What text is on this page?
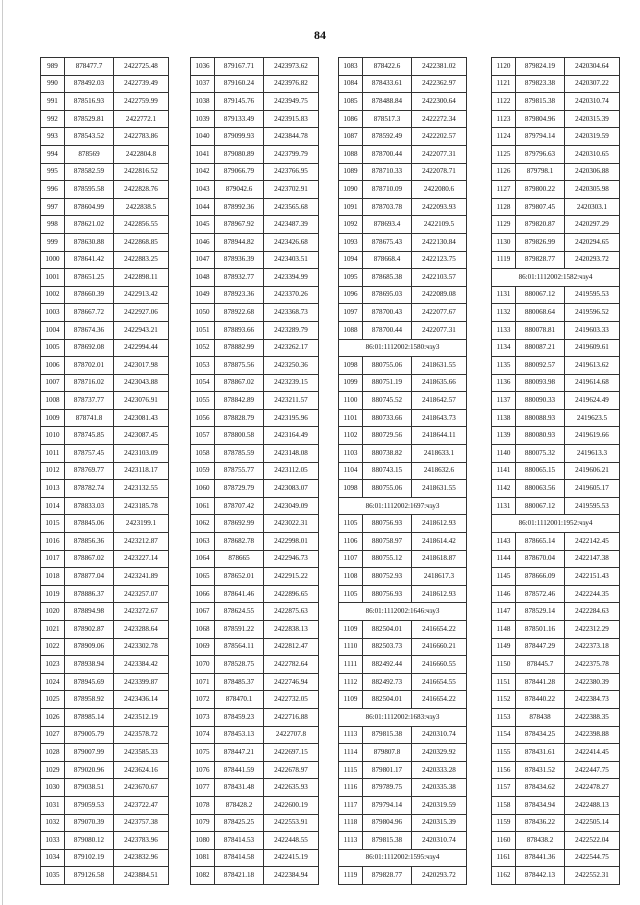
84
989	878477.7	2422725.48
990	878492.03	2422739.49
991	878516.93	2422759.99
992	878529.81	2422772.1
993	878543.52	2422783.86
994	878569	2422804.8
995	878582.59	2422816.52
996	878595.58	2422828.76
997	878604.99	2422838.5
998	878621.02	2422856.55
999	878630.88	2422868.85
1000	878641.42	2422883.25
1001	878651.25	2422898.11
1002	878660.39	2422913.42
1003	878667.72	2422927.06
1004	878674.36	2422943.21
1005	878692.08	2422994.44
1006	878702.01	2423017.98
1007	878716.02	2423043.88
1008	878737.77	2423076.91
1009	878741.8	2423081.43
1010	878745.85	2423087.45
1011	878757.45	2423103.09
1012	878769.77	2423118.17
1013	878782.74	2423132.55
1014	878833.03	2423185.78
1015	878845.06	2423199.1
1016	878856.36	2423212.87
1017	878867.02	2423227.14
1018	878877.04	2423241.89
1019	878886.37	2423257.07
1020	878894.98	2423272.67
1021	878902.87	2423288.64
1022	878909.06	2423302.78
1023	878938.94	2423384.42
1024	878945.69	2423399.87
1025	878958.92	2423436.14
1026	878985.14	2423512.19
1027	879005.79	2423578.72
1028	879007.99	2423585.33
1029	879020.96	2423624.16
1030	879038.51	2423670.67
1031	879059.53	2423722.47
1032	879070.39	2423757.38
1033	879080.12	2423783.96
1034	879102.19	2423832.96
1035	879126.58	2423884.51
1036	879167.71	2423973.62
1037	879160.24	2423976.82
1038	879145.76	2423949.75
1039	879133.49	2423915.83
1040	879099.93	2423844.78
1041	879080.89	2423799.79
1042	879066.79	2423766.95
1043	879042.6	2423702.91
1044	878992.36	2423565.68
1045	878967.92	2423487.39
1046	878944.82	2423426.68
1047	878936.39	2423403.51
1048	878932.77	2423394.99
1049	878923.36	2423370.26
1050	878922.68	2423368.73
1051	878893.66	2423289.79
1052	878882.99	2423262.17
1053	878875.56	2423250.36
1054	878867.02	2423239.15
1055	878842.89	2423211.57
1056	878828.79	2423195.96
1057	878800.58	2423164.49
1058	878785.59	2423148.08
1059	878755.77	2423112.05
1060	878729.79	2423083.07
1061	878707.42	2423049.09
1062	878692.99	2423022.31
1063	878682.78	2422998.01
1064	878665	2422946.73
1065	878652.01	2422915.22
1066	878641.46	2422896.65
1067	878624.55	2422875.63
1068	878591.22	2422838.13
1069	878564.11	2422812.47
1070	878528.75	2422782.64
1071	878485.37	2422746.94
1072	878470.1	2422732.05
1073	878459.23	2422716.88
1074	878453.13	2422707.8
1075	878447.21	2422697.15
1076	878441.59	2422678.97
1077	878431.48	2422635.93
1078	878428.2	2422600.19
1079	878425.25	2422553.91
1080	878414.53	2422448.55
1081	878414.58	2422415.19
1082	878421.18	2422384.94
1083	878422.6	2422381.02
1084	878433.61	2422362.97
1085	878488.84	2422300.64
1086	878517.3	2422272.34
1087	878592.49	2422202.57
1088	878700.44	2422077.31
1089	878710.33	2422078.71
1090	878710.09	2422080.6
1091	878703.78	2422093.93
1092	878693.4	2422109.5
1093	878675.43	2422130.84
1094	878668.4	2422123.75
1095	878685.38	2422103.57
1096	878695.03	2422089.08
1097	878700.43	2422077.67
1088	878700.44	2422077.31
86:01:1112002:1580:чзу3		
1098	880755.06	2418631.55
1099	880751.19	2418635.66
1100	880745.52	2418642.57
1101	880733.66	2418643.73
1102	880729.56	2418644.11
1103	880738.82	2418633.1
1104	880743.15	2418632.6
1098	880755.06	2418631.55
86:01:1112002:1697:чзу3		
1105	880756.93	2418612.93
1106	880758.97	2418614.42
1107	880755.12	2418618.87
1108	880752.93	2418617.3
1105	880756.93	2418612.93
86:01:1112002:1646:чзу3		
1109	882504.01	2416654.22
1110	882503.73	2416660.21
1111	882492.44	2416660.55
1112	882492.73	2416654.55
1109	882504.01	2416654.22
86:01:1112002:1683:чзу3		
1113	879815.38	2420310.74
1114	879807.8	2420329.92
1115	879801.17	2420333.28
1116	879789.75	2420335.38
1117	879794.14	2420319.59
1118	879804.96	2420315.39
1113	879815.38	2420310.74
86:01:1112002:1595:чзу4		
1119	879828.77	2420293.72
1120	879824.19	2420304.64
1121	879823.38	2420307.22
1122	879815.38	2420310.74
1123	879804.96	2420315.39
1124	879794.14	2420319.59
1125	879796.63	2420310.65
1126	879798.1	2420306.88
1127	879800.22	2420305.98
1128	879807.45	2420303.1
1129	879820.87	2420297.29
1130	879826.99	2420294.65
1119	879828.77	2420293.72
86:01:1112002:1582:чзу4		
1131	880067.12	2419595.53
1132	880068.64	2419596.52
1133	880078.81	2419603.33
1134	880087.21	2419609.61
1135	880092.57	2419613.62
1136	880093.98	2419614.68
1137	880090.33	2419624.49
1138	880088.93	2419623.5
1139	880080.93	2419619.66
1140	880075.32	2419613.3
1141	880065.15	2419606.21
1142	880063.56	2419605.17
1131	880067.12	2419595.53
86:01:1112001:1952:чзу4		
1143	878665.14	2422142.45
1144	878670.04	2422147.38
1145	878666.09	2422151.43
1146	878572.46	2422244.35
1147	878529.14	2422284.63
1148	878501.16	2422312.29
1149	878447.29	2422373.18
1150	878445.7	2422375.78
1151	878441.28	2422380.39
1152	878440.22	2422384.73
1153	878438	2422388.35
1154	878434.25	2422398.88
1155	878431.61	2422414.45
1156	878431.52	2422447.75
1157	878434.62	2422478.27
1158	878434.94	2422488.13
1159	878436.22	2422505.14
1160	878438.2	2422522.04
1161	878441.36	2422544.75
1162	878442.13	2422552.31
